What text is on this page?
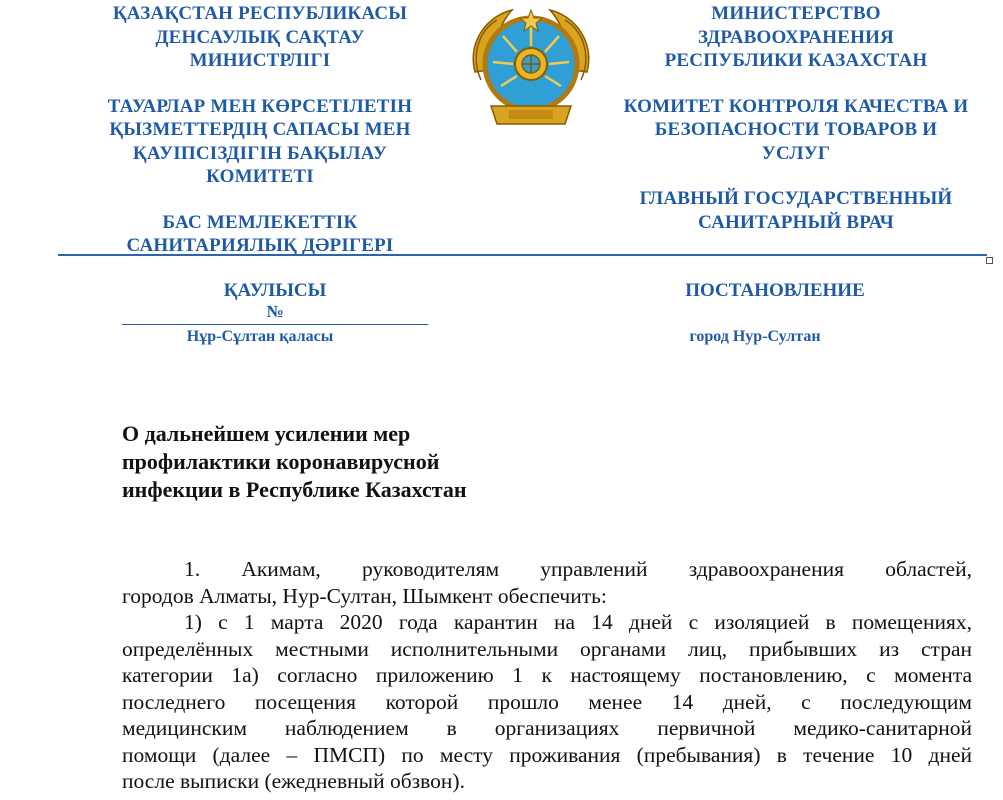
ҚАЗАҚСТАН РЕСПУБЛИКАСЫ
ДЕНСАУЛЫҚ САҚТАУ
МИНИСТРЛІГІ
ТАУАРЛАР МЕН КӨРСЕТІЛЕТІН
ҚЫЗМЕТТЕРДІҢ САПАСЫ МЕН
ҚАУІПСІЗДІГІН БАҚЫЛАУ
КОМИТЕТІ
БАС МЕМЛЕКЕТТІК
САНИТАРИЯЛЫҚ ДӘРІГЕРІ
МИНИСТЕРСТВО
ЗДРАВООХРАНЕНИЯ
РЕСПУБЛИКИ КАЗАХСТАН
КОМИТЕТ КОНТРОЛЯ КАЧЕСТВА И
БЕЗОПАСНОСТИ ТОВАРОВ И
УСЛУГ
ГЛАВНЫЙ ГОСУДАРСТВЕННЫЙ
САНИТАРНЫЙ ВРАЧ
ҚАУЛЫСЫ
№
Нұр-Сұлтан қаласы
ПОСТАНОВЛЕНИЕ
город Нур-Султан
О дальнейшем усилении мер
профилактики коронавирусной
инфекции в Республике Казахстан
1. Акимам, руководителям управлений здравоохранения областей,
городов Алматы, Нур-Султан, Шымкент обеспечить:
1) с 1 марта 2020 года карантин на 14 дней с изоляцией в помещениях,
определённых местными исполнительными органами лиц, прибывших из стран
категории 1а) согласно приложению 1 к настоящему постановлению, с момента
последнего посещения которой прошло менее 14 дней, с последующим
медицинским наблюдением в организациях первичной медико-санитарной
помощи (далее – ПМСП) по месту проживания (пребывания) в течение 10 дней
после выписки (ежедневный обзвон).
